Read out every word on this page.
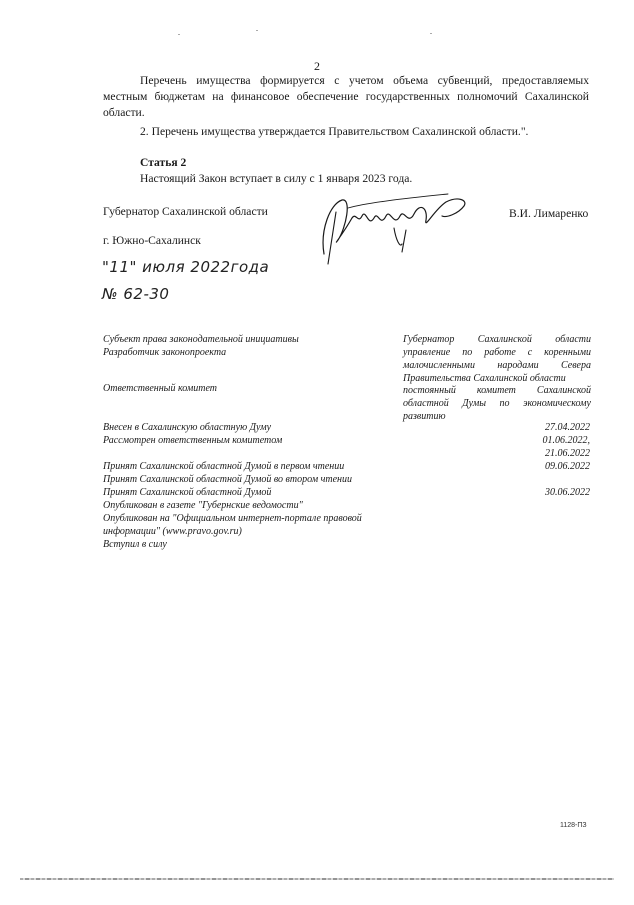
2
Перечень имущества формируется с учетом объема субвенций, предоставляемых местным бюджетам на финансовое обеспечение государственных полномочий Сахалинской области.
2. Перечень имущества утверждается Правительством Сахалинской области.".
Статья 2
Настоящий Закон вступает в силу с 1 января 2023 года.
Губернатор Сахалинской области	В.И. Лимаренко
г. Южно-Сахалинск
"11" июля 2022года
№ 62-30
Субъект права законодательной инициативы
Разработчик законопроекта
Губернатор Сахалинской области управление по работе с коренными малочисленными народами Севера Правительства Сахалинской области
Ответственный комитет	постоянный комитет Сахалинской областной Думы по экономическому развитию
Внесен в Сахалинскую областную Думу
Рассмотрен ответственным комитетом
Принят Сахалинской областной Думой в первом чтении
Принят Сахалинской областной Думой во втором чтении
Принят Сахалинской областной Думой
Опубликован в газете "Губернские ведомости"
Опубликован на "Официальном интернет-портале правовой информации" (www.pravo.gov.ru)
Вступил в силу
27.04.2022
01.06.2022,
21.06.2022
09.06.2022
30.06.2022
1128-ПЗ
